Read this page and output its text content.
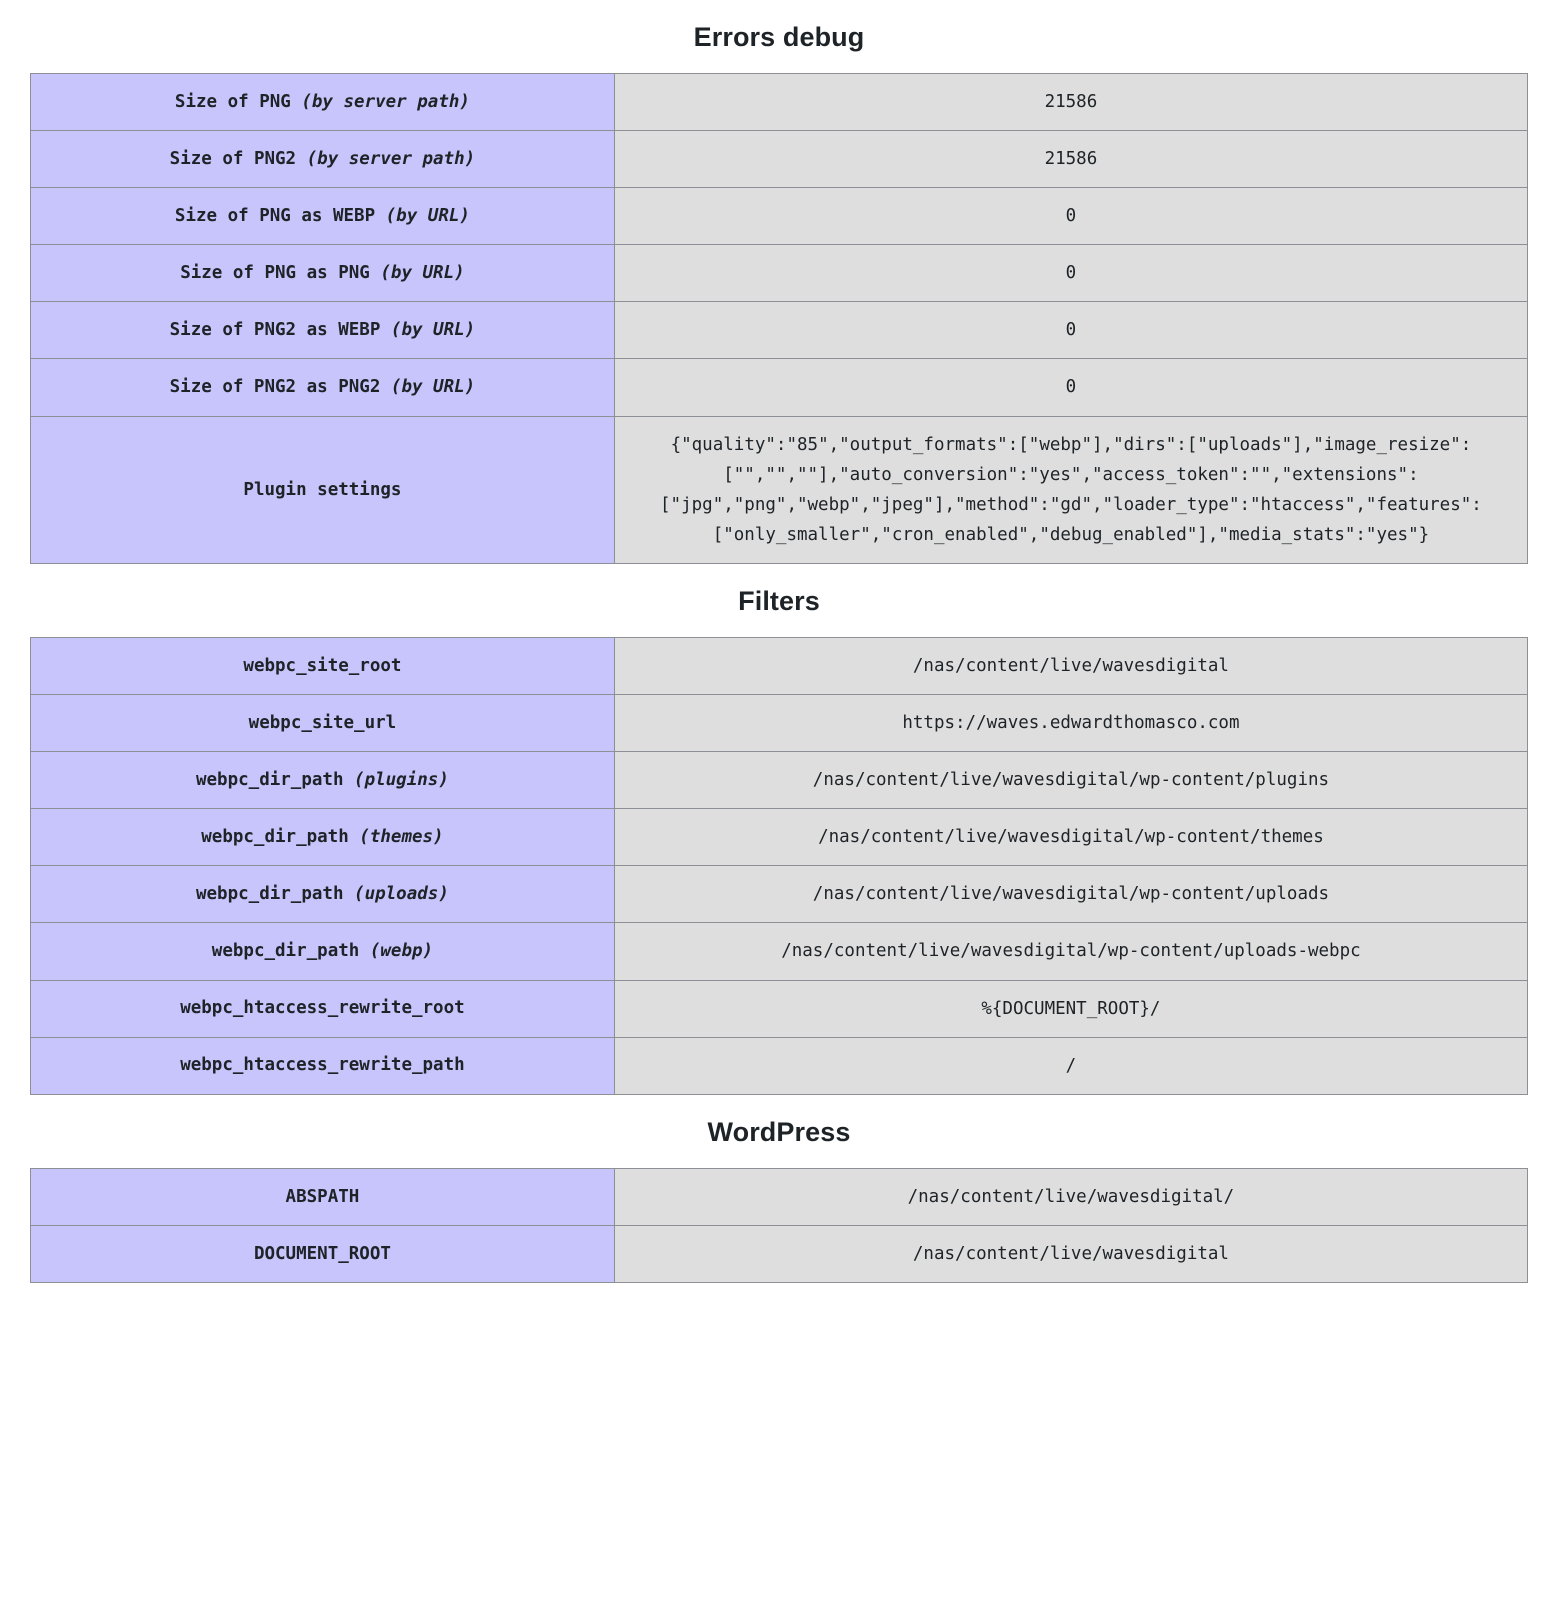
Errors debug
Size of PNG (by server path)	21586

Size of PNG2 (by server path)	21586

Size of PNG as WEBP (by URL)	0

Size of PNG as PNG (by URL)	0

Size of PNG2 as WEBP (by URL)	0

Size of PNG2 as PNG2 (by URL)	0

Plugin settings	{"quality":"85","output_formats":["webp"],"dirs":["uploads"],"image_resize":["","",""],"auto_conversion":"yes","access_token":"","extensions":["jpg","png","webp","jpeg"],"method":"gd","loader_type":"htaccess","features":["only_smaller","cron_enabled","debug_enabled"],"media_stats":"yes"}
Filters
webpc_site_root	/nas/content/live/wavesdigital

webpc_site_url	https://waves.edwardthomasco.com

webpc_dir_path (plugins)	/nas/content/live/wavesdigital/wp-content/plugins

webpc_dir_path (themes)	/nas/content/live/wavesdigital/wp-content/themes

webpc_dir_path (uploads)	/nas/content/live/wavesdigital/wp-content/uploads

webpc_dir_path (webp)	/nas/content/live/wavesdigital/wp-content/uploads-webpc

webpc_htaccess_rewrite_root	%{DOCUMENT_ROOT}/

webpc_htaccess_rewrite_path	/
WordPress
ABSPATH	/nas/content/live/wavesdigital/

DOCUMENT_ROOT	/nas/content/live/wavesdigital
